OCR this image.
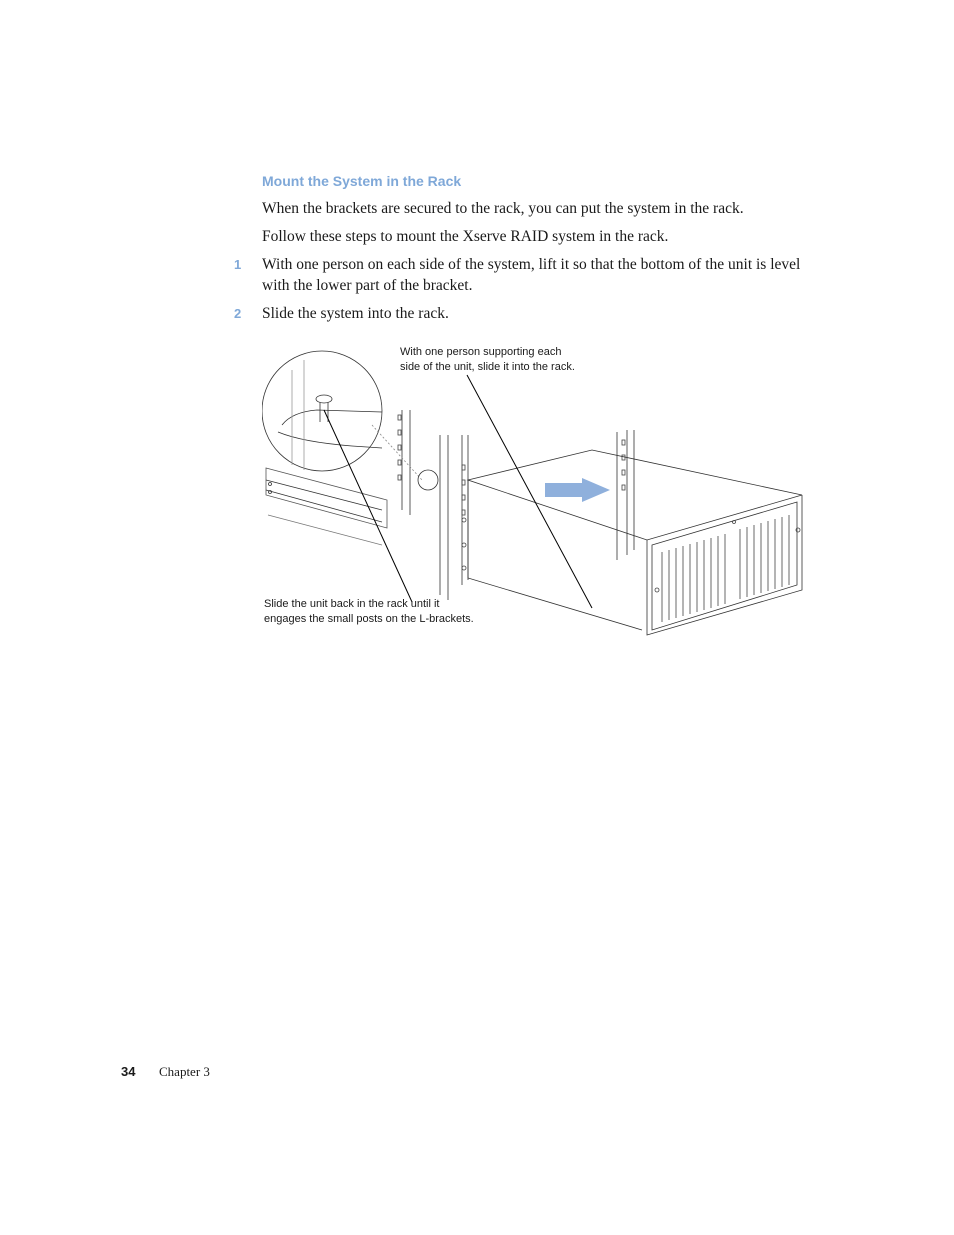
Mount the System in the Rack

When the brackets are secured to the rack, you can put the system in the rack.

Follow these steps to mount the Xserve RAID system in the rack.

1 With one person on each side of the system, lift it so that the bottom of the unit is level with the lower part of the bracket.

2 Slide the system into the rack.

With one person supporting each
side of the unit, slide it into the rack.
Slide the unit back in the rack until it
engages the small posts on the L-brackets.
34 Chapter 3
